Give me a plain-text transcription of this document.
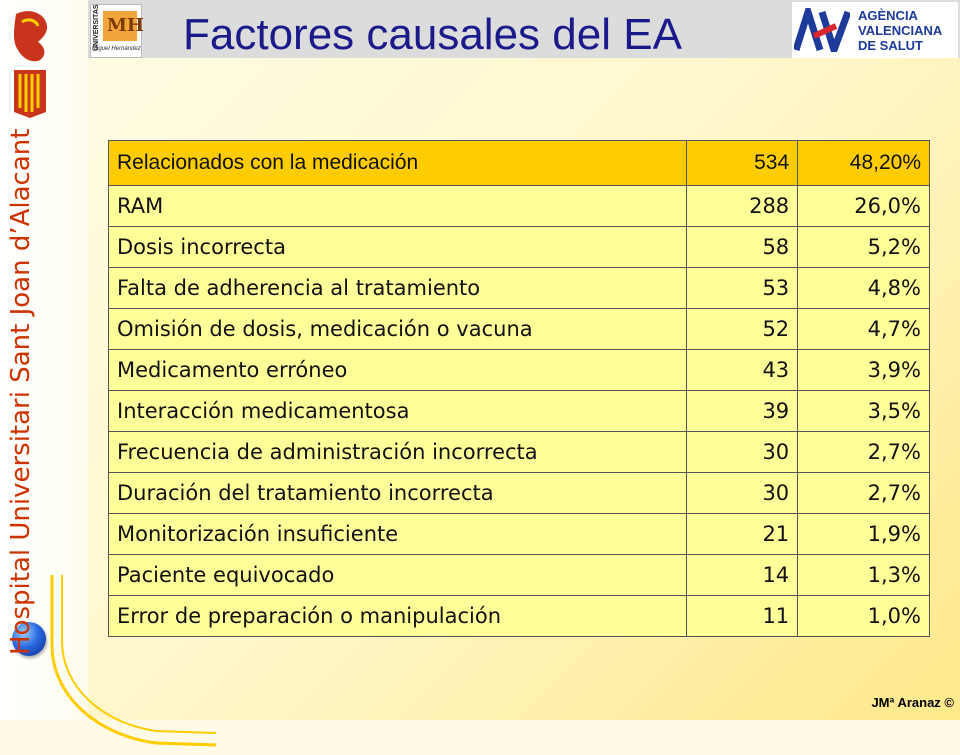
Hospital Universitari Sant Joan d’Alacant
UNIVERSITAS MH
Miguel Hernández Factores causales del EA	AGÈNCIA
VALENCIANA
DE SALUT
Relacionados con la medicación	534	48,20%
RAM	288	26,0%
Dosis incorrecta	58	5,2%
Falta de adherencia al tratamiento	53	4,8%
Omisión de dosis, medicación o vacuna	52	4,7%
Medicamento erróneo	43	3,9%
Interacción medicamentosa	39	3,5%
Frecuencia de administración incorrecta	30	2,7%
Duración del tratamiento incorrecta	30	2,7%
Monitorización insuficiente	21	1,9%
Paciente equivocado	14	1,3%
Error de preparación o manipulación	11	1,0%
JMª Aranaz ©
